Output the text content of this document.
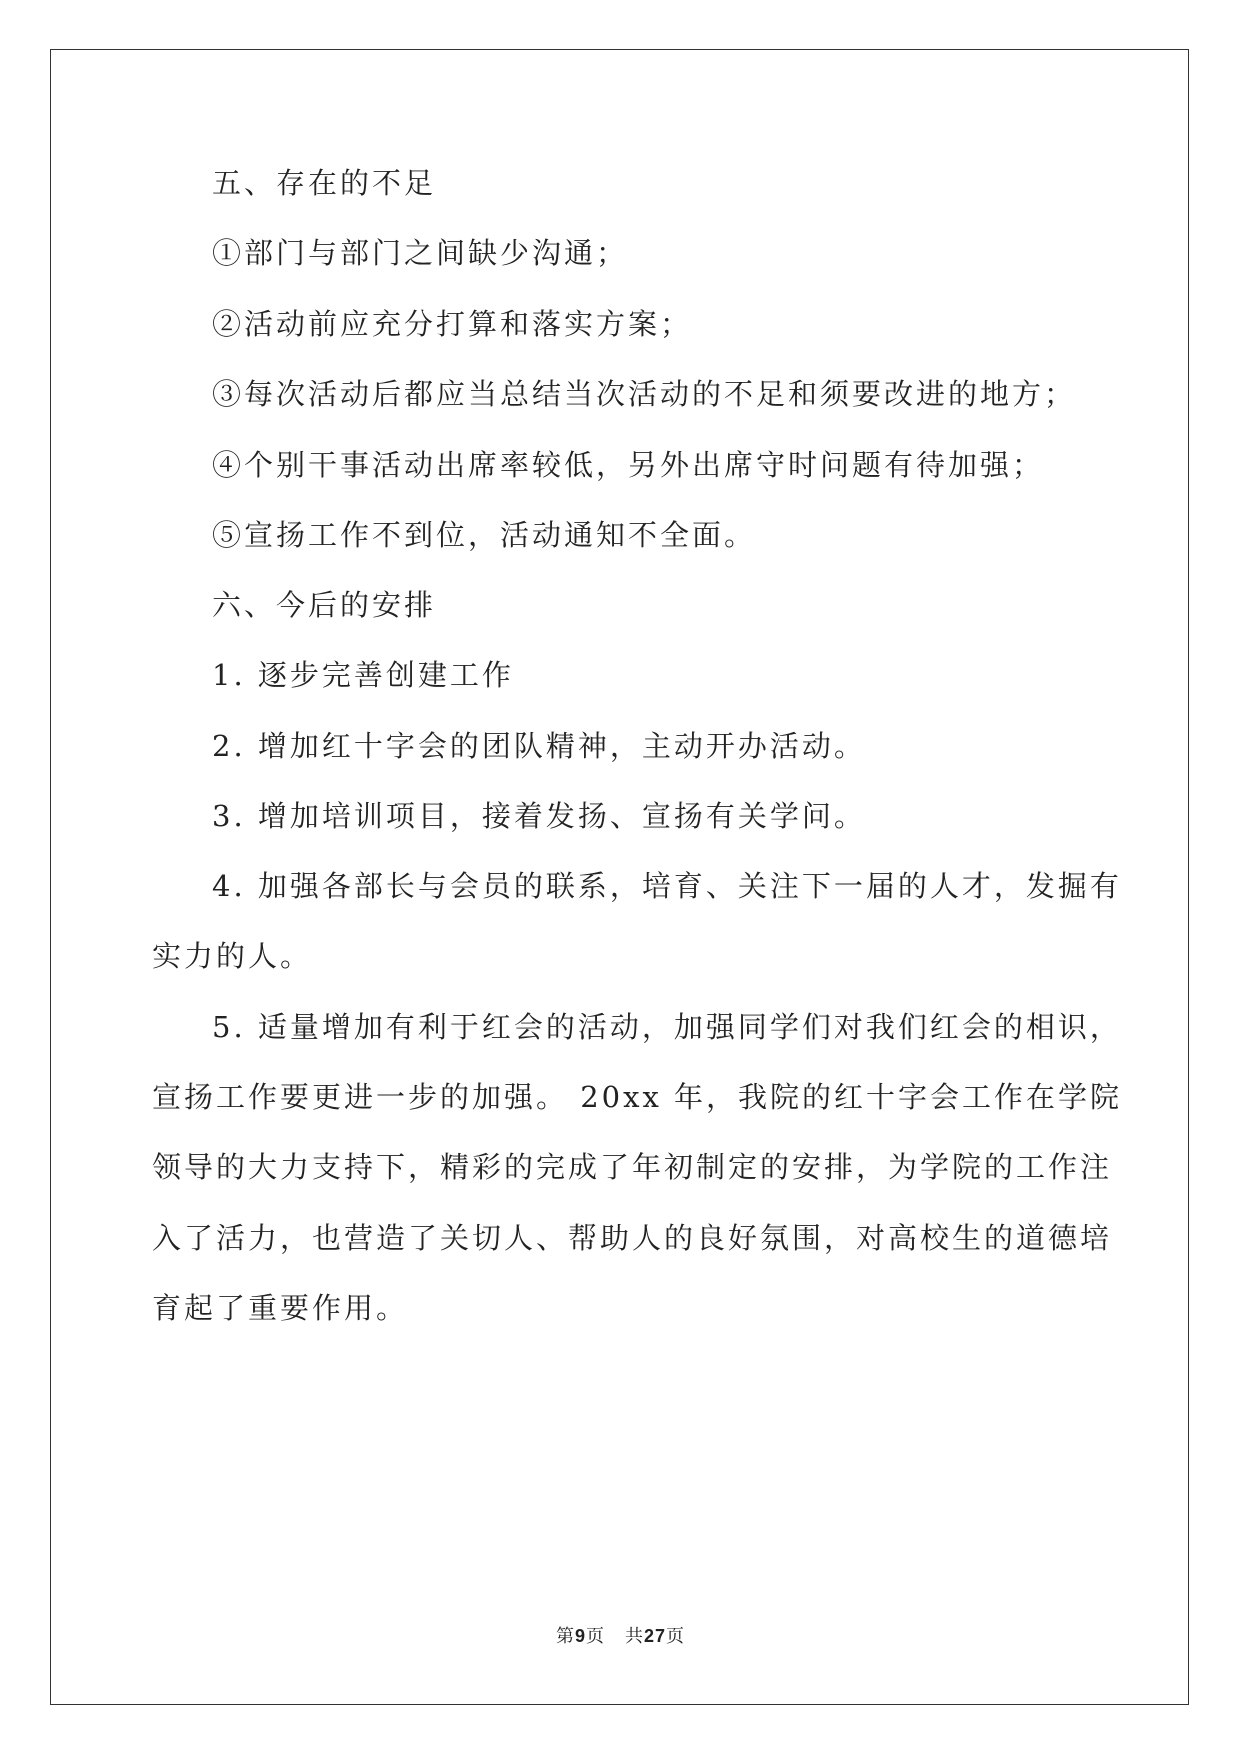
五、存在的不足
①部门与部门之间缺少沟通；
②活动前应充分打算和落实方案；
③每次活动后都应当总结当次活动的不足和须要改进的地方；
④个别干事活动出席率较低，另外出席守时问题有待加强；
⑤宣扬工作不到位，活动通知不全面。
六、今后的安排
1. 逐步完善创建工作
2. 增加红十字会的团队精神，主动开办活动。
3. 增加培训项目，接着发扬、宣扬有关学问。
4. 加强各部长与会员的联系，培育、关注下一届的人才，发掘有
实力的人。
5. 适量增加有利于红会的活动，加强同学们对我们红会的相识，
宣扬工作要更进一步的加强。 20xx 年，我院的红十字会工作在学院
领导的大力支持下，精彩的完成了年初制定的安排，为学院的工作注
入了活力，也营造了关切人、帮助人的良好氛围，对高校生的道德培
育起了重要作用。
第9页 共27页
